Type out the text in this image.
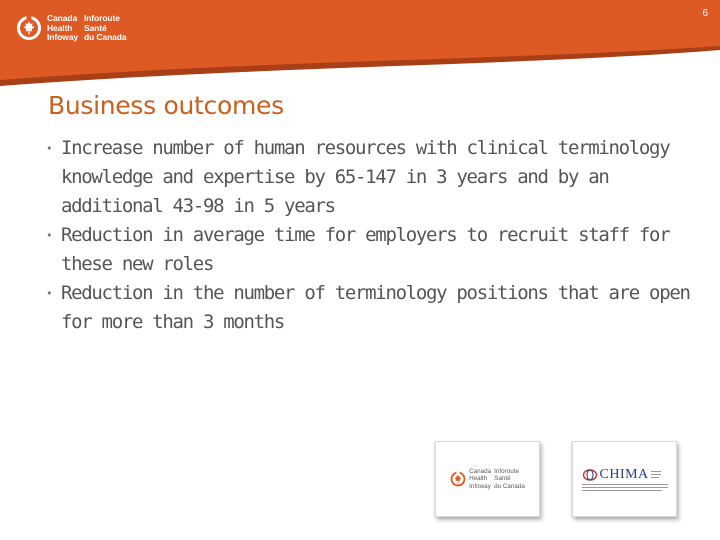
Canada
Health
Infoway
Inforoute
Santé
du Canada
6
Business outcomes
• Increase number of human resources with clinical terminology knowledge and expertise by 65-147 in 3 years and by an additional 43-98 in 5 years
• Reduction in average time for employers to recruit staff for these new roles
• Reduction in the number of terminology positions that are open for more than 3 months
Canada
Health
Infoway
Inforoute
Santé
du Canada
CHIMA
